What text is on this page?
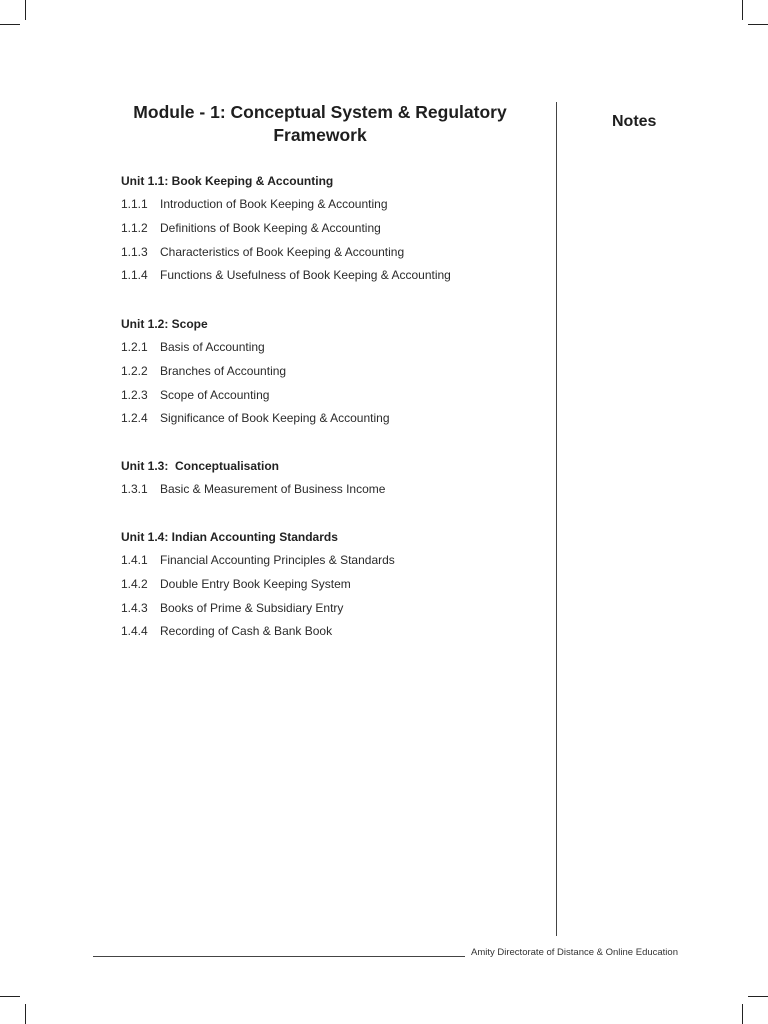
Module - 1: Conceptual System & Regulatory
Framework
Notes
Unit 1.1: Book Keeping & Accounting
1.1.1	Introduction of Book Keeping & Accounting
1.1.2	Definitions of Book Keeping & Accounting
1.1.3	Characteristics of Book Keeping & Accounting
1.1.4	Functions & Usefulness of Book Keeping & Accounting
Unit 1.2: Scope
1.2.1	Basis of Accounting
1.2.2	Branches of Accounting
1.2.3	Scope of Accounting
1.2.4	Significance of Book Keeping & Accounting
Unit 1.3:  Conceptualisation
1.3.1	Basic & Measurement of Business Income
Unit 1.4: Indian Accounting Standards
1.4.1	Financial Accounting Principles & Standards
1.4.2	Double Entry Book Keeping System
1.4.3	Books of Prime & Subsidiary Entry
1.4.4	Recording of Cash & Bank Book
Amity Directorate of Distance & Online Education
